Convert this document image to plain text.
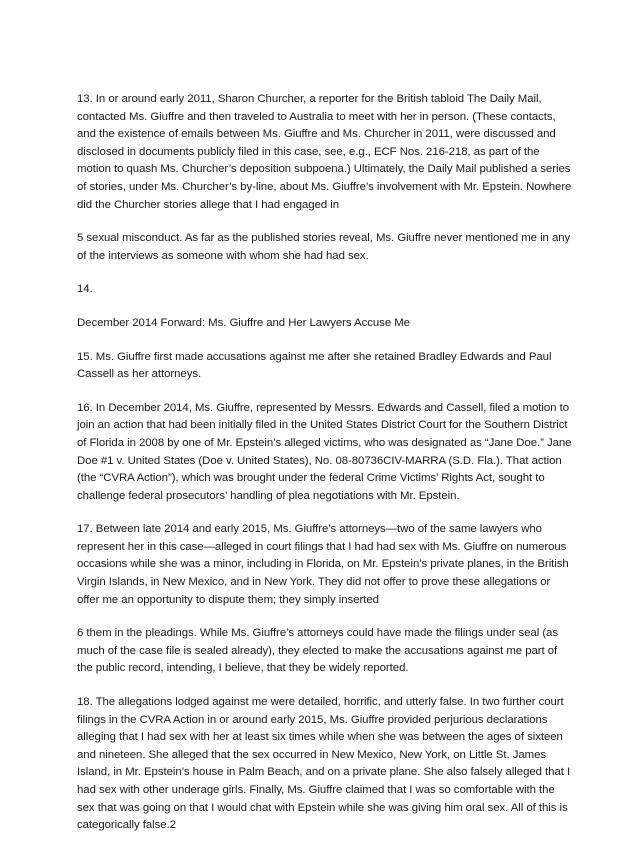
13. In or around early 2011, Sharon Churcher, a reporter for the British tabloid The Daily Mail, contacted Ms. Giuffre and then traveled to Australia to meet with her in person. (These contacts, and the existence of emails between Ms. Giuffre and Ms. Churcher in 2011, were discussed and disclosed in documents publicly filed in this case, see, e.g., ECF Nos. 216-218, as part of the motion to quash Ms. Churcher’s deposition subpoena.) Ultimately, the Daily Mail published a series of stories, under Ms. Churcher’s by-line, about Ms. Giuffre’s involvement with Mr. Epstein. Nowhere did the Churcher stories allege that I had engaged in

5 sexual misconduct. As far as the published stories reveal, Ms. Giuffre never mentioned me in any of the interviews as someone with whom she had had sex.

14.

December 2014 Forward: Ms. Giuffre and Her Lawyers Accuse Me

15. Ms. Giuffre first made accusations against me after she retained Bradley Edwards and Paul Cassell as her attorneys.

16. In December 2014, Ms. Giuffre, represented by Messrs. Edwards and Cassell, filed a motion to join an action that had been initially filed in the United States District Court for the Southern District of Florida in 2008 by one of Mr. Epstein’s alleged victims, who was designated as “Jane Doe.” Jane Doe #1 v. United States (Doe v. United States), No. 08-80736CIV-MARRA (S.D. Fla.). That action (the “CVRA Action”), which was brought under the federal Crime Victims’ Rights Act, sought to challenge federal prosecutors’ handling of plea negotiations with Mr. Epstein.

17. Between late 2014 and early 2015, Ms. Giuffre’s attorneys—two of the same lawyers who represent her in this case—alleged in court filings that I had had sex with Ms. Giuffre on numerous occasions while she was a minor, including in Florida, on Mr. Epstein’s private planes, in the British Virgin Islands, in New Mexico, and in New York. They did not offer to prove these allegations or offer me an opportunity to dispute them; they simply inserted

6 them in the pleadings. While Ms. Giuffre’s attorneys could have made the filings under seal (as much of the case file is sealed already), they elected to make the accusations against me part of the public record, intending, I believe, that they be widely reported.

18. The allegations lodged against me were detailed, horrific, and utterly false. In two further court filings in the CVRA Action in or around early 2015, Ms. Giuffre provided perjurious declarations alleging that I had sex with her at least six times while when she was between the ages of sixteen and nineteen. She alleged that the sex occurred in New Mexico, New York, on Little St. James Island, in Mr. Epstein’s house in Palm Beach, and on a private plane. She also falsely alleged that I had sex with other underage girls. Finally, Ms. Giuffre claimed that I was so comfortable with the sex that was going on that I would chat with Epstein while she was giving him oral sex. All of this is categorically false.2
